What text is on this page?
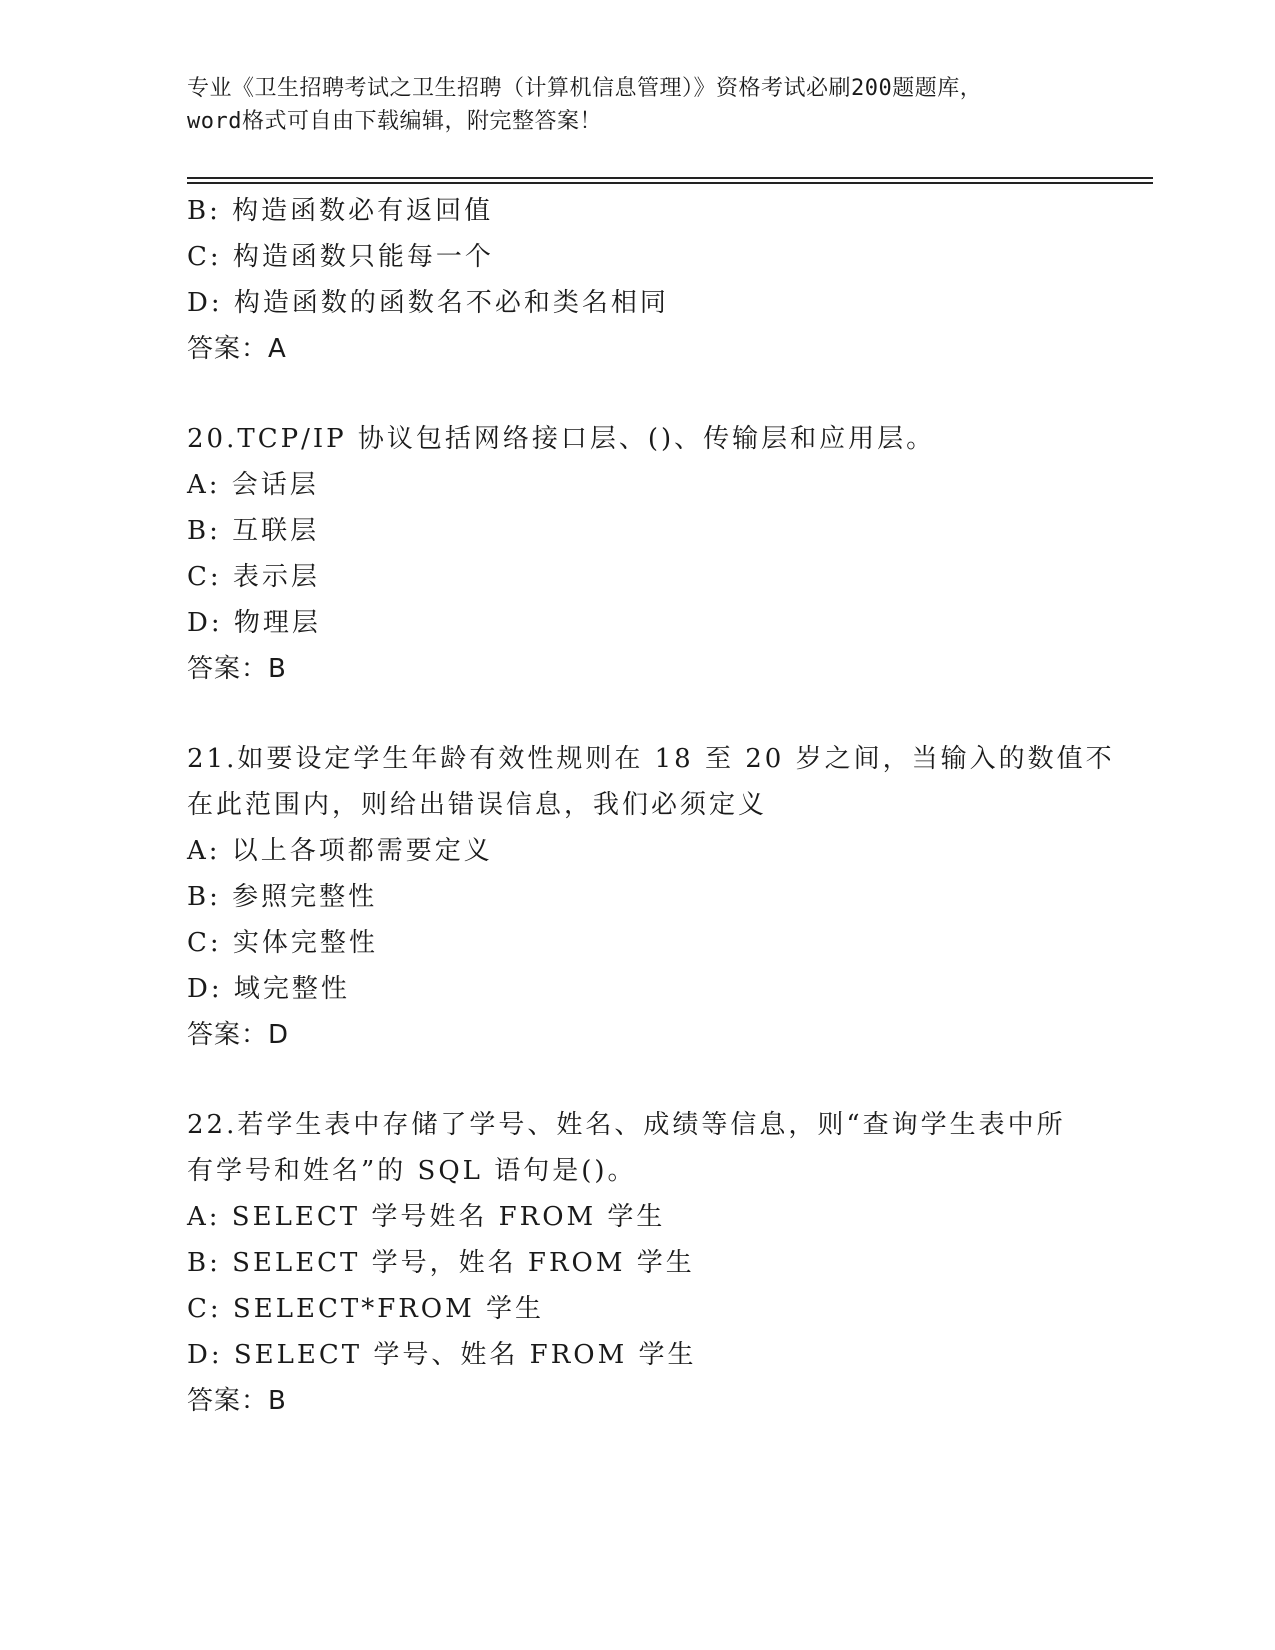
专业《卫生招聘考试之卫生招聘（计算机信息管理）》资格考试必刷200题题库，
word格式可自由下载编辑，附完整答案！
B: 构造函数必有返回值
C: 构造函数只能每一个
D: 构造函数的函数名不必和类名相同
答案：A
20.TCP/IP 协议包括网络接口层、()、传输层和应用层。
A: 会话层
B: 互联层
C: 表示层
D: 物理层
答案：B
21.如要设定学生年龄有效性规则在 18 至 20 岁之间，当输入的数值不
在此范围内，则给出错误信息，我们必须定义
A: 以上各项都需要定义
B: 参照完整性
C: 实体完整性
D: 域完整性
答案：D
22.若学生表中存储了学号、姓名、成绩等信息，则“查询学生表中所
有学号和姓名”的 SQL 语句是()。
A: SELECT 学号姓名 FROM 学生
B: SELECT 学号，姓名 FROM 学生
C: SELECT*FROM 学生
D: SELECT 学号、姓名 FROM 学生
答案：B
